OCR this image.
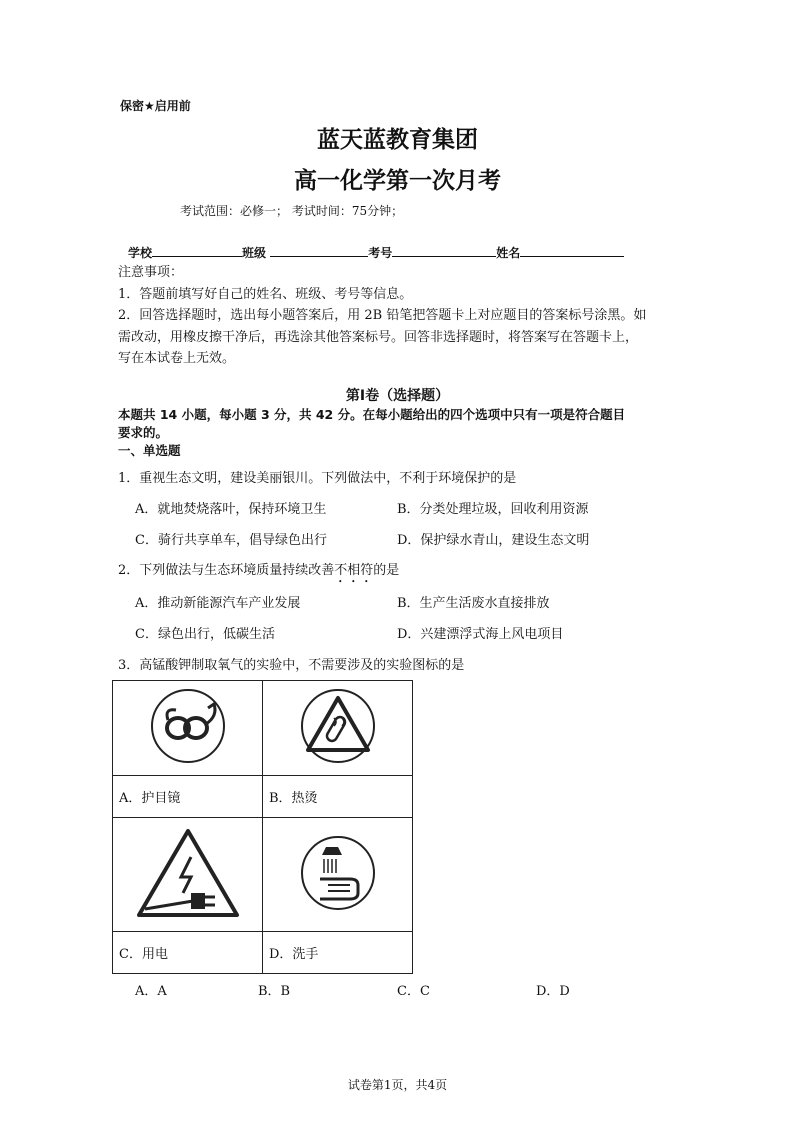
保密★启用前
蓝天蓝教育集团
高一化学第一次月考
考试范围：必修一； 考试时间：75分钟；
学校	班级	考号	姓名
注意事项：
1．答题前填写好自己的姓名、班级、考号等信息。
2．回答选择题时，选出每小题答案后，用 2B 铅笔把答题卡上对应题目的答案标号涂黑。如
需改动，用橡皮擦干净后，再选涂其他答案标号。回答非选择题时，将答案写在答题卡上，
写在本试卷上无效。
第Ⅰ卷（选择题）
本题共 14 小题，每小题 3 分，共 42 分。在每小题给出的四个选项中只有一项是符合题目
要求的。
一、单选题
1．重视生态文明，建设美丽银川。下列做法中，不利于环境保护的是
A．就地焚烧落叶，保持环境卫生	B．分类处理垃圾，回收利用资源
C．骑行共享单车，倡导绿色出行	D．保护绿水青山，建设生态文明
2．下列做法与生态环境质量持续改善不相符的是
A．推动新能源汽车产业发展	B．生产生活废水直接排放
C．绿色出行，低碳生活	D．兴建漂浮式海上风电项目
3．高锰酸钾制取氧气的实验中，不需要涉及的实验图标的是

A．护目镜	B．热烫

C．用电	D．洗手
A．A	B．B	C．C	D．D
试卷第1页，共4页
